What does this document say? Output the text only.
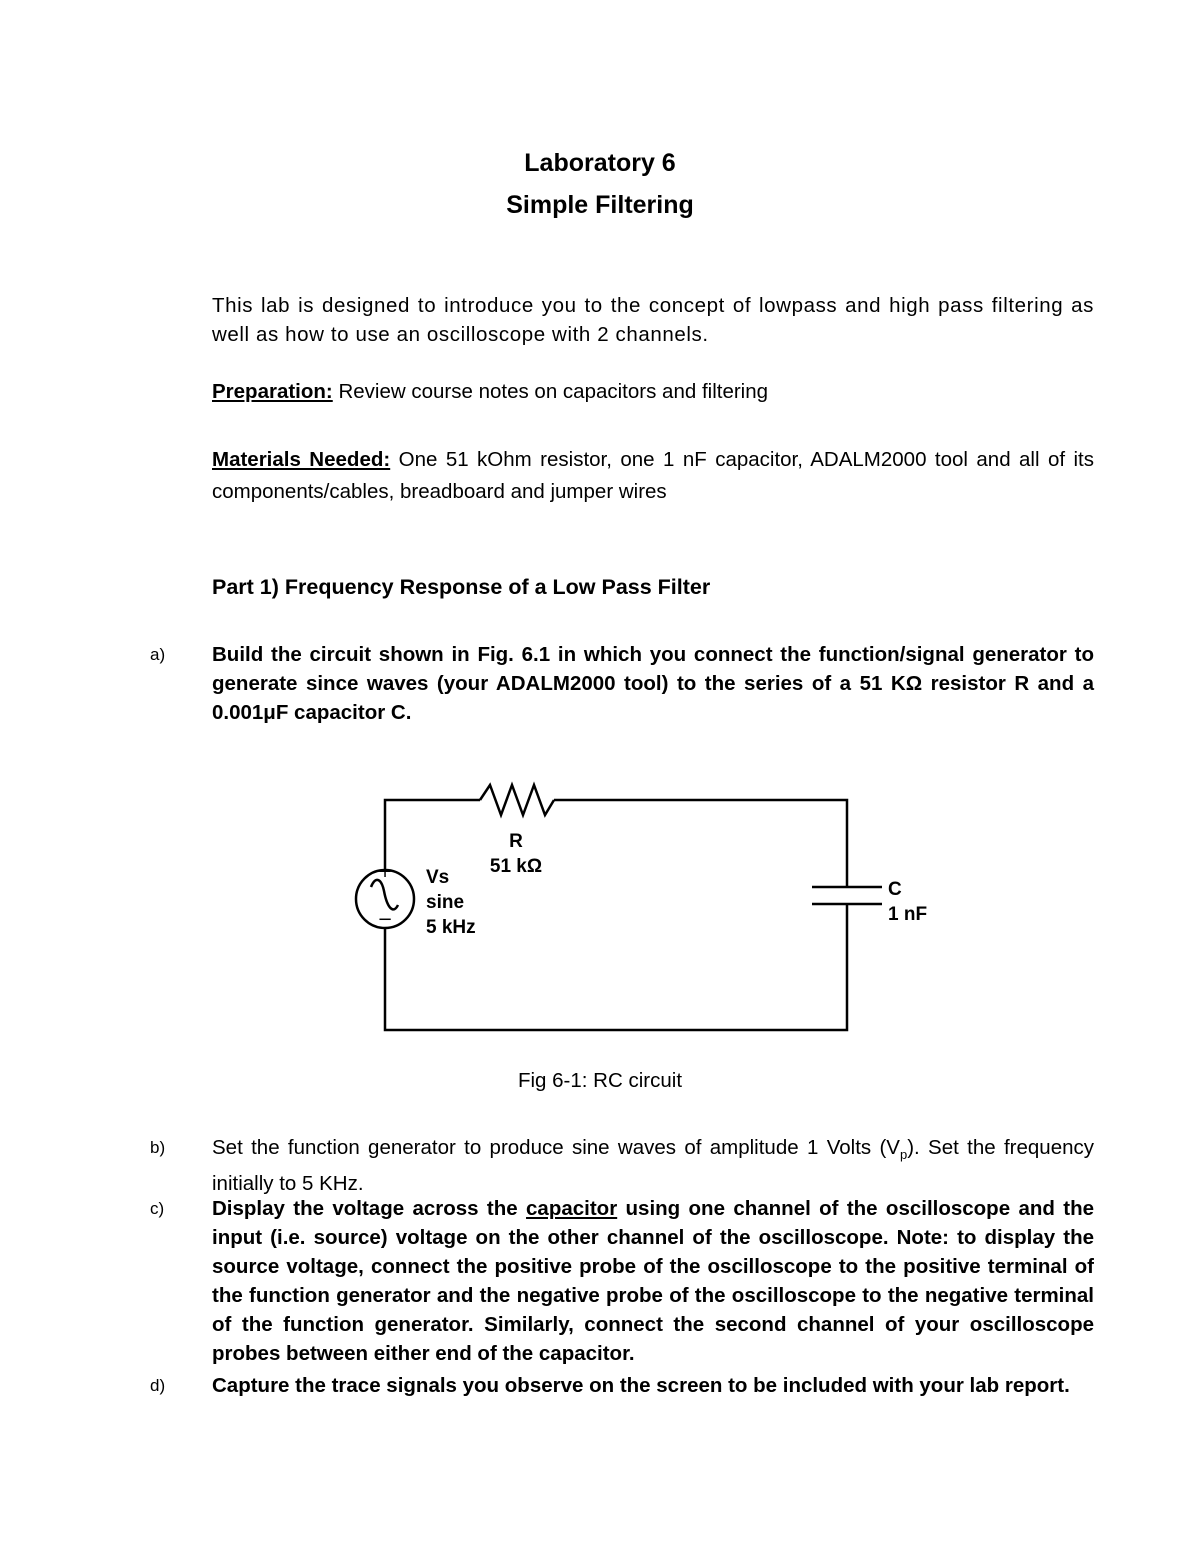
Laboratory 6
Simple Filtering
This lab is designed to introduce you to the concept of lowpass and high pass filtering as well as how to use an oscilloscope with 2 channels.
Preparation: Review course notes on capacitors and filtering
Materials Needed: One 51 kOhm resistor, one 1 nF capacitor, ADALM2000 tool and all of its components/cables, breadboard and jumper wires
Part 1) Frequency Response of a Low Pass Filter
a) Build the circuit shown in Fig. 6.1 in which you connect the function/signal generator to generate since waves (your ADALM2000 tool) to the series of a 51 KΩ resistor R and a 0.001μF capacitor C.
+
−
Vs
sine
5 kHz
R
51 kΩ
C
1 nF
Fig 6-1: RC circuit
b) Set the function generator to produce sine waves of amplitude 1 Volts $(V_p)$. Set the frequency initially to 5 KHz.
c) Display the voltage across the capacitor using one channel of the oscilloscope and the input (i.e. source) voltage on the other channel of the oscilloscope. Note: to display the source voltage, connect the positive probe of the oscilloscope to the positive terminal of the function generator and the negative probe of the oscilloscope to the negative terminal of the function generator. Similarly, connect the second channel of your oscilloscope probes between either end of the capacitor.
d) Capture the trace signals you observe on the screen to be included with your lab report.
